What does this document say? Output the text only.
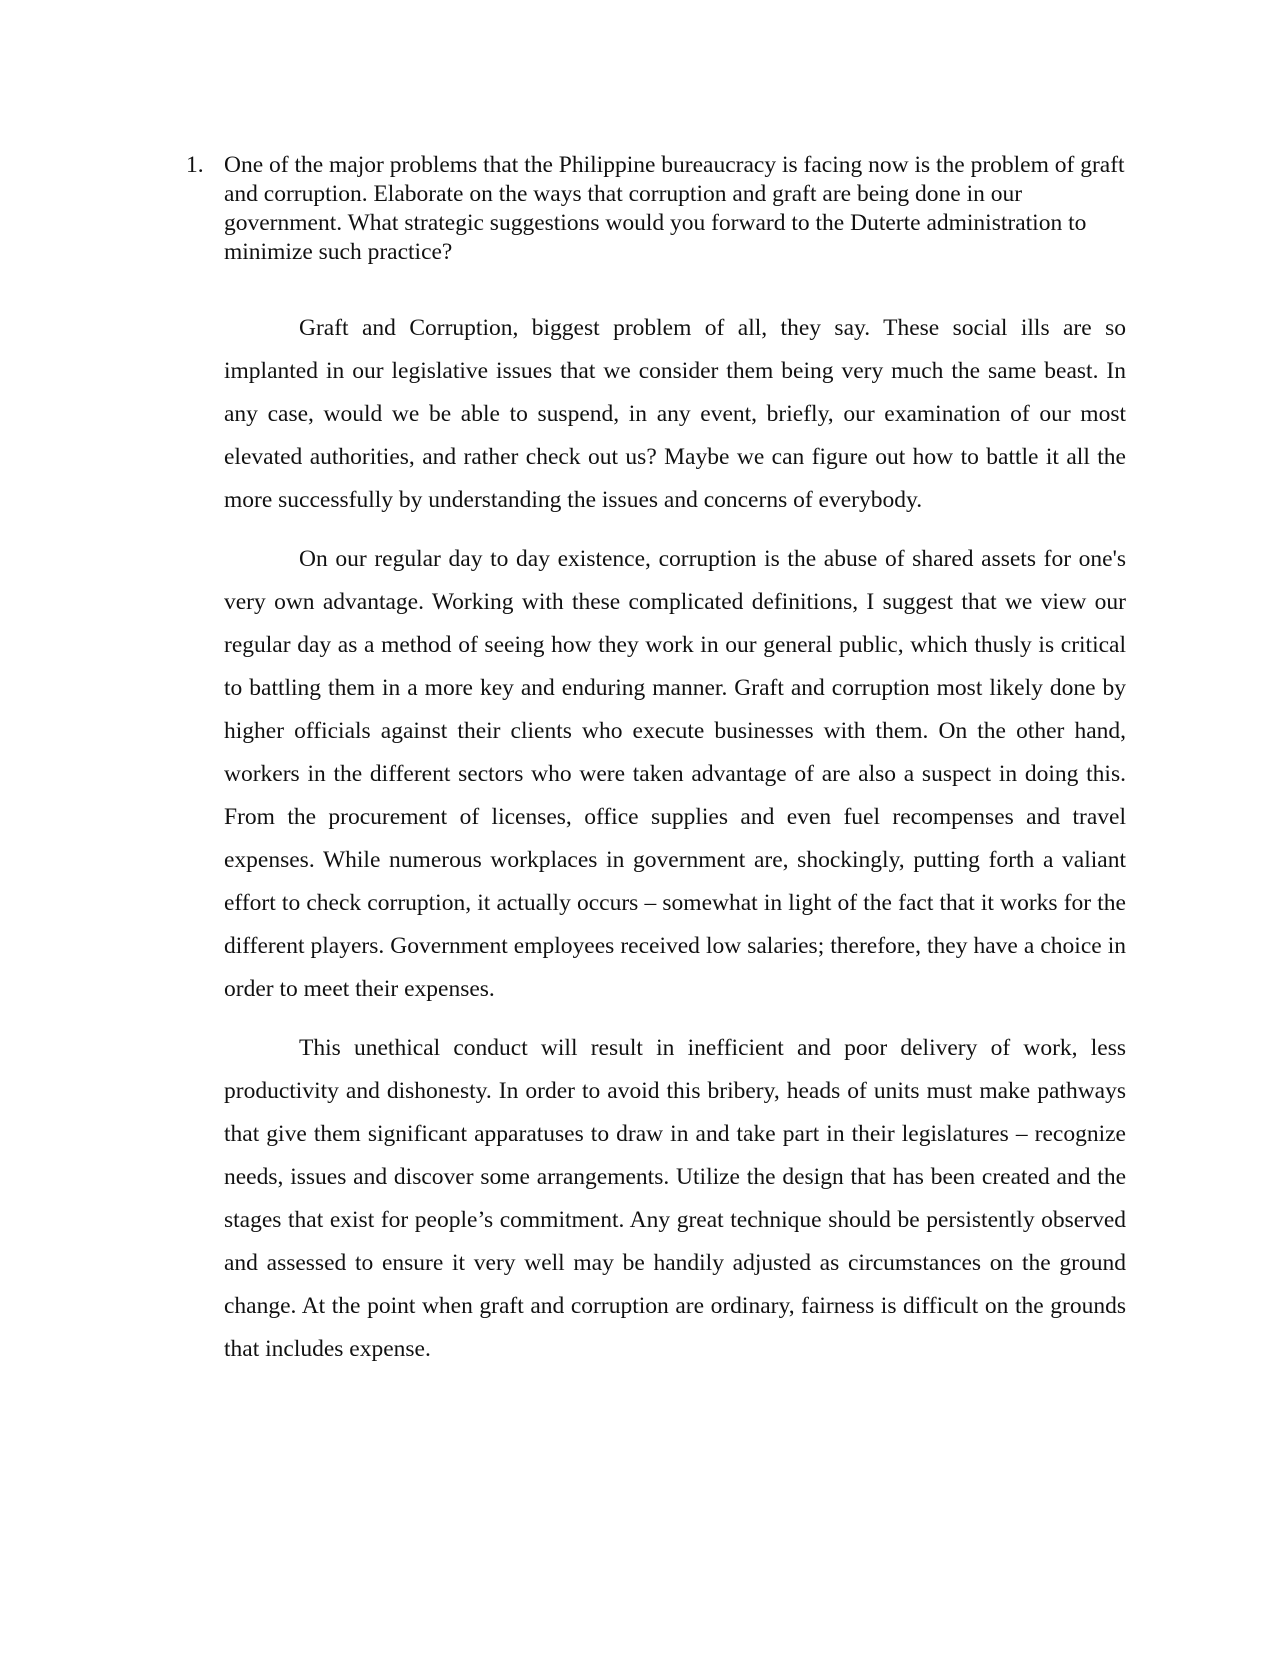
1. One of the major problems that the Philippine bureaucracy is facing now is the problem of graft and corruption. Elaborate on the ways that corruption and graft are being done in our government. What strategic suggestions would you forward to the Duterte administration to minimize such practice?

Graft and Corruption, biggest problem of all, they say. These social ills are so implanted in our legislative issues that we consider them being very much the same beast. In any case, would we be able to suspend, in any event, briefly, our examination of our most elevated authorities, and rather check out us? Maybe we can figure out how to battle it all the more successfully by understanding the issues and concerns of everybody.

On our regular day to day existence, corruption is the abuse of shared assets for one's very own advantage. Working with these complicated definitions, I suggest that we view our regular day as a method of seeing how they work in our general public, which thusly is critical to battling them in a more key and enduring manner. Graft and corruption most likely done by higher officials against their clients who execute businesses with them. On the other hand, workers in the different sectors who were taken advantage of are also a suspect in doing this. From the procurement of licenses, office supplies and even fuel recompenses and travel expenses. While numerous workplaces in government are, shockingly, putting forth a valiant effort to check corruption, it actually occurs – somewhat in light of the fact that it works for the different players. Government employees received low salaries; therefore, they have a choice in order to meet their expenses.

This unethical conduct will result in inefficient and poor delivery of work, less productivity and dishonesty. In order to avoid this bribery, heads of units must make pathways that give them significant apparatuses to draw in and take part in their legislatures – recognize needs, issues and discover some arrangements. Utilize the design that has been created and the stages that exist for people’s commitment. Any great technique should be persistently observed and assessed to ensure it very well may be handily adjusted as circumstances on the ground change. At the point when graft and corruption are ordinary, fairness is difficult on the grounds that includes expense.
